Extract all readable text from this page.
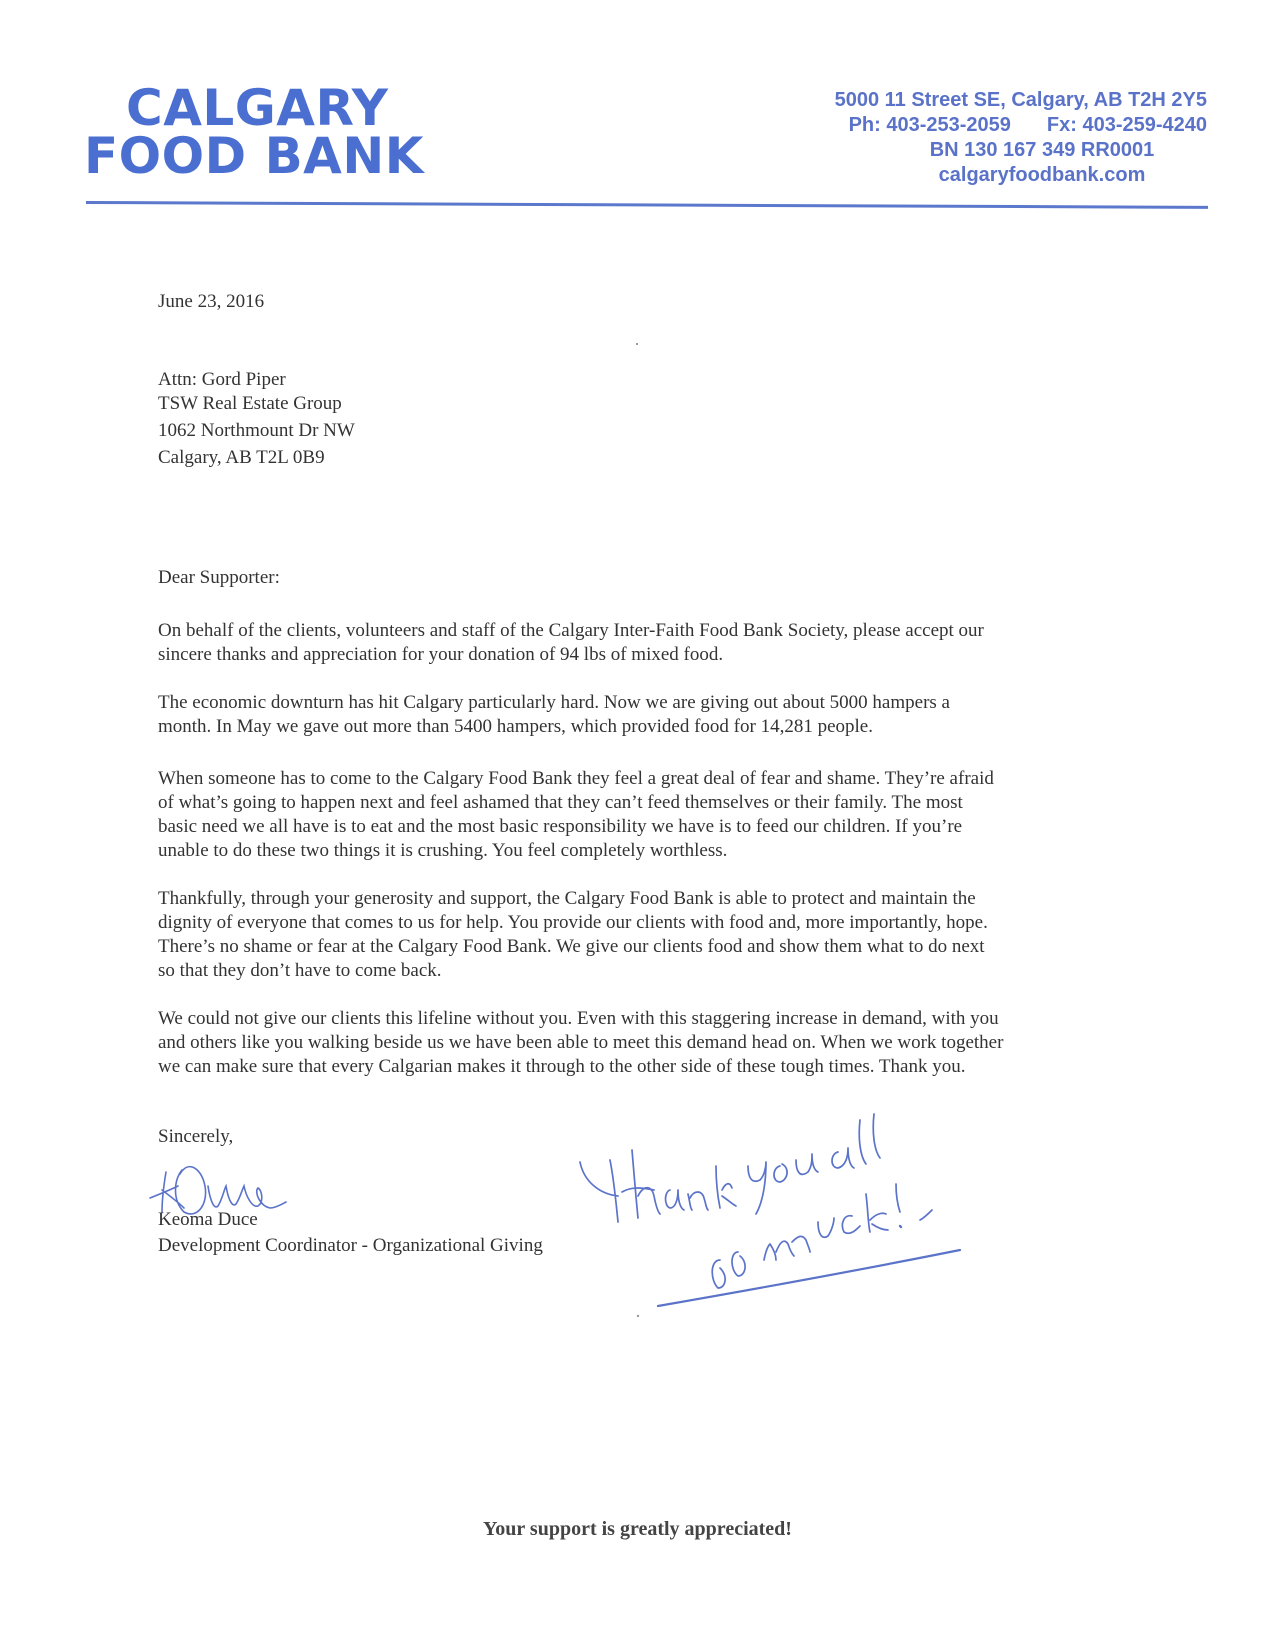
CALGARY
FOOD BANK
5000 11 Street SE, Calgary, AB T2H 2Y5
Ph: 403-253-2059 Fx: 403-259-4240
BN 130 167 349 RR0001
calgaryfoodbank.com
June 23, 2016
Attn: Gord Piper
TSW Real Estate Group
1062 Northmount Dr NW
Calgary, AB T2L 0B9
Dear Supporter:
On behalf of the clients, volunteers and staff of the Calgary Inter-Faith Food Bank Society, please accept our
sincere thanks and appreciation for your donation of 94 lbs of mixed food.
The economic downturn has hit Calgary particularly hard. Now we are giving out about 5000 hampers a
month. In May we gave out more than 5400 hampers, which provided food for 14,281 people.
When someone has to come to the Calgary Food Bank they feel a great deal of fear and shame. They’re afraid
of what’s going to happen next and feel ashamed that they can’t feed themselves or their family. The most
basic need we all have is to eat and the most basic responsibility we have is to feed our children. If you’re
unable to do these two things it is crushing. You feel completely worthless.
Thankfully, through your generosity and support, the Calgary Food Bank is able to protect and maintain the
dignity of everyone that comes to us for help. You provide our clients with food and, more importantly, hope.
There’s no shame or fear at the Calgary Food Bank. We give our clients food and show them what to do next
so that they don’t have to come back.
We could not give our clients this lifeline without you. Even with this staggering increase in demand, with you
and others like you walking beside us we have been able to meet this demand head on. When we work together
we can make sure that every Calgarian makes it through to the other side of these tough times. Thank you.
Sincerely,
Keoma Duce
Development Coordinator - Organizational Giving
Your support is greatly appreciated!
